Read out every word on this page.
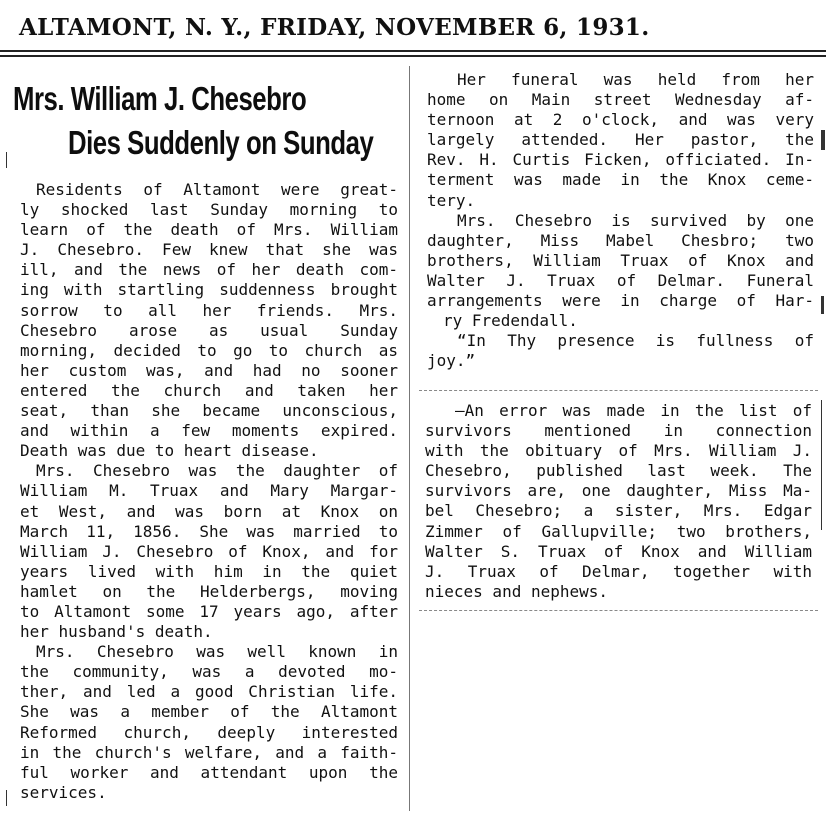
ALTAMONT, N. Y., FRIDAY, NOVEMBER 6, 1931.
Mrs. William J. Chesebro
Dies Suddenly on Sunday
Residents of Altamont were great-
ly shocked last Sunday morning to
learn of the death of Mrs. William
J. Chesebro. Few knew that she was
ill, and the news of her death com-
ing with startling suddenness brought
sorrow to all her friends. Mrs.
Chesebro arose as usual Sunday
morning, decided to go to church as
her custom was, and had no sooner
entered the church and taken her
seat, than she became unconscious,
and within a few moments expired.
Death was due to heart disease.
Mrs. Chesebro was the daughter of
William M. Truax and Mary Margar-
et West, and was born at Knox on
March 11, 1856. She was married to
William J. Chesebro of Knox, and for
years lived with him in the quiet
hamlet on the Helderbergs, moving
to Altamont some 17 years ago, after
her husband's death.
Mrs. Chesebro was well known in
the community, was a devoted mo-
ther, and led a good Christian life.
She was a member of the Altamont
Reformed church, deeply interested
in the church's welfare, and a faith-
ful worker and attendant upon the
services.
Her funeral was held from her
home on Main street Wednesday af-
ternoon at 2 o'clock, and was very
largely attended. Her pastor, the
Rev. H. Curtis Ficken, officiated. In-
terment was made in the Knox ceme-
tery.
Mrs. Chesebro is survived by one
daughter, Miss Mabel Chesbro; two
brothers, William Truax of Knox and
Walter J. Truax of Delmar. Funeral
arrangements were in charge of Har-
ry Fredendall.
“In Thy presence is fullness of
joy.”
—An error was made in the list of
survivors mentioned in connection
with the obituary of Mrs. William J.
Chesebro, published last week. The
survivors are, one daughter, Miss Ma-
bel Chesebro; a sister, Mrs. Edgar
Zimmer of Gallupville; two brothers,
Walter S. Truax of Knox and William
J. Truax of Delmar, together with
nieces and nephews.
